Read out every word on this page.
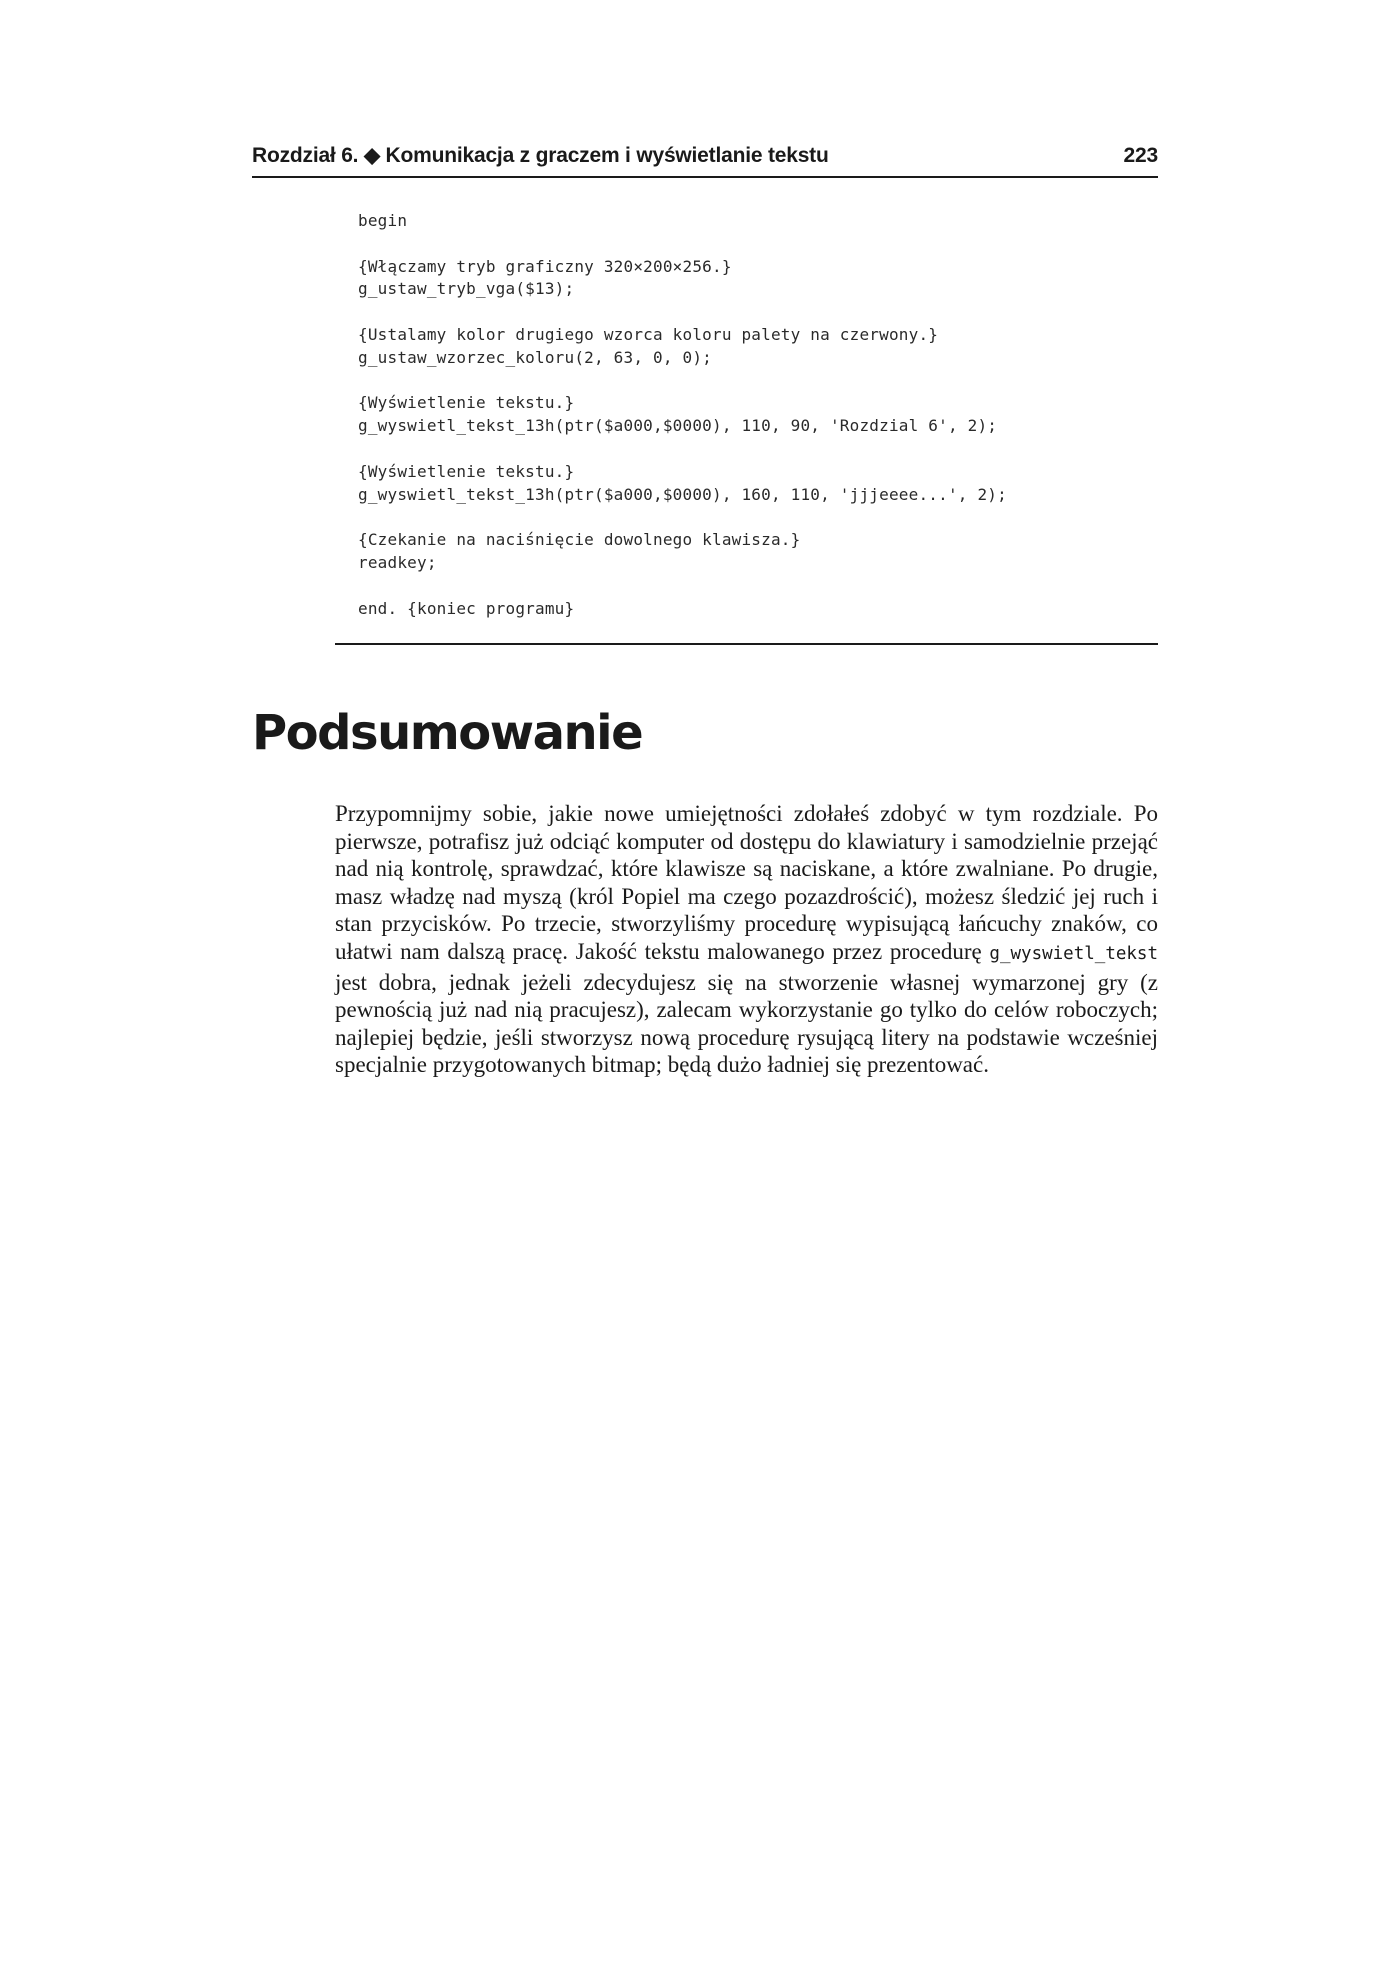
Rozdział 6. ◆ Komunikacja z graczem i wyświetlanie tekstu	223
begin
{Włączamy tryb graficzny 320×200×256.}
g_ustaw_tryb_vga($13);
{Ustalamy kolor drugiego wzorca koloru palety na czerwony.}
g_ustaw_wzorzec_koloru(2, 63, 0, 0);
{Wyświetlenie tekstu.}
g_wyswietl_tekst_13h(ptr($a000,$0000), 110, 90, 'Rozdzial 6', 2);
{Wyświetlenie tekstu.}
g_wyswietl_tekst_13h(ptr($a000,$0000), 160, 110, 'jjjeeee...', 2);
{Czekanie na naciśnięcie dowolnego klawisza.}
readkey;
end. {koniec programu}
Podsumowanie

Przypomnijmy sobie, jakie nowe umiejętności zdołałeś zdobyć w tym rozdziale. Po pierwsze, potrafisz już odciąć komputer od dostępu do klawiatury i samodzielnie przejąć nad nią kontrolę, sprawdzać, które klawisze są naciskane, a które zwalniane. Po drugie, masz władzę nad myszą (król Popiel ma czego pozazdrościć), możesz śledzić jej ruch i stan przycisków. Po trzecie, stworzyliśmy procedurę wypisującą łańcuchy znaków, co ułatwi nam dalszą pracę. Jakość tekstu malowanego przez procedurę g_wyswietl_tekst jest dobra, jednak jeżeli zdecydujesz się na stworzenie własnej wymarzonej gry (z pewnością już nad nią pracujesz), zalecam wykorzystanie go tylko do celów roboczych; najlepiej będzie, jeśli stworzysz nową procedurę rysującą litery na podstawie wcześniej specjalnie przygotowanych bitmap; będą dużo ładniej się prezentować.
